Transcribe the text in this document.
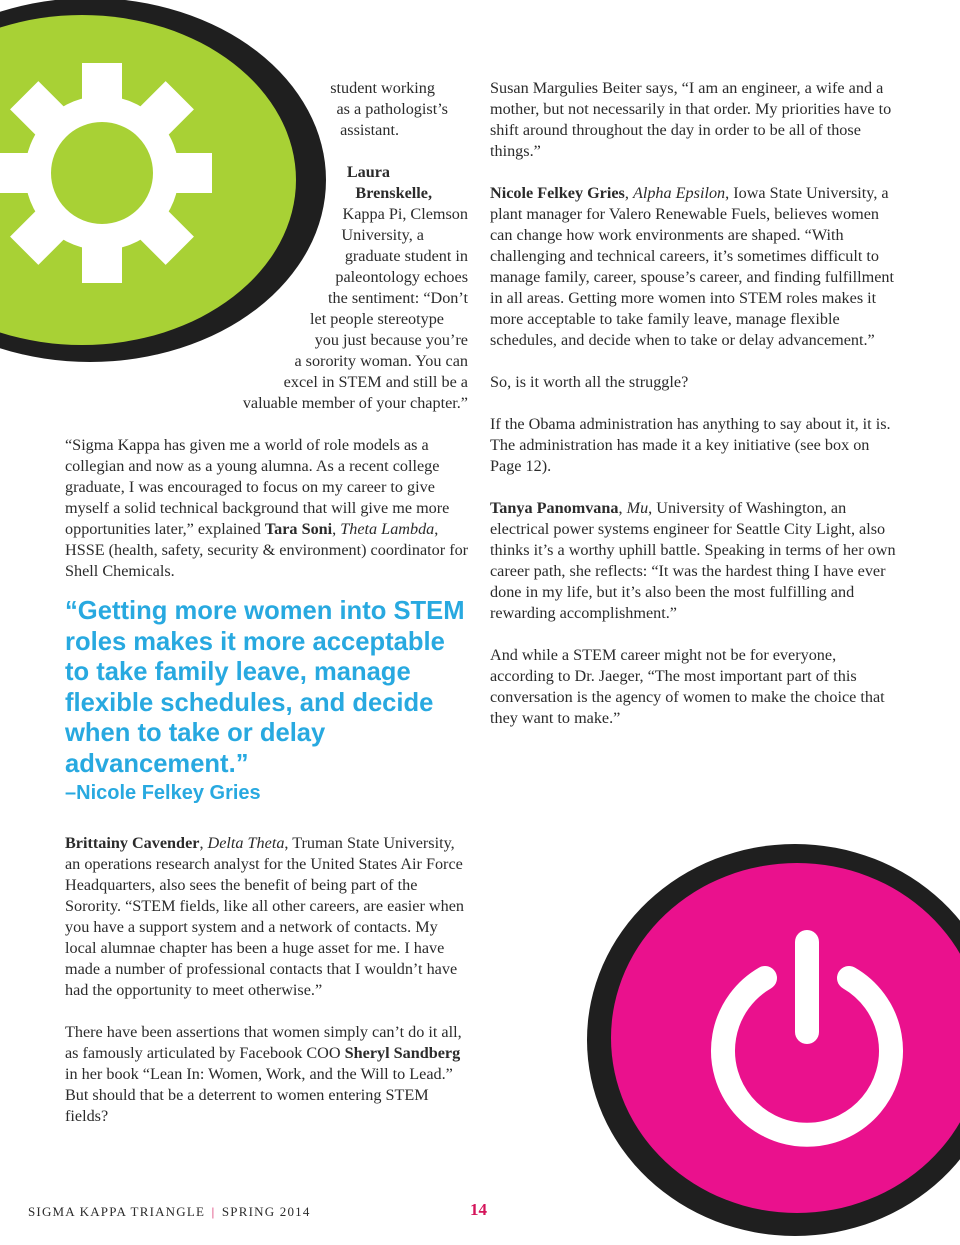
student working
as a pathologist’s
assistant.

Laura
Brenskelle,
Kappa Pi, Clemson
University, a
graduate student in
paleontology echoes
the sentiment: “Don’t
let people stereotype
you just because you’re
a sorority woman. You can
excel in STEM and still be a
valuable member of your chapter.”

“Sigma Kappa has given me a world of role models as a collegian and now as a young alumna. As a recent college graduate, I was encouraged to focus on my career to give myself a solid technical background that will give me more opportunities later,” explained Tara Soni, Theta Lambda, HSSE (health, safety, security & environment) coordinator for Shell Chemicals.

“Getting more women into STEM roles makes it more acceptable to take family leave, manage flexible schedules, and decide when to take or delay advancement.”
–Nicole Felkey Gries

Brittainy Cavender, Delta Theta, Truman State University, an operations research analyst for the United States Air Force Headquarters, also sees the benefit of being part of the Sorority. “STEM fields, like all other careers, are easier when you have a support system and a network of contacts. My local alumnae chapter has been a huge asset for me. I have made a number of professional contacts that I wouldn’t have had the opportunity to meet otherwise.”

There have been assertions that women simply can’t do it all, as famously articulated by Facebook COO Sheryl Sandberg in her book “Lean In: Women, Work, and the Will to Lead.” But should that be a deterrent to women entering STEM fields?

Susan Margulies Beiter says, “I am an engineer, a wife and a mother, but not necessarily in that order. My priorities have to shift around throughout the day in order to be all of those things.”

Nicole Felkey Gries, Alpha Epsilon, Iowa State University, a plant manager for Valero Renewable Fuels, believes women can change how work environments are shaped. “With challenging and technical careers, it’s sometimes difficult to manage family, career, spouse’s career, and finding fulfillment in all areas. Getting more women into STEM roles makes it more acceptable to take family leave, manage flexible schedules, and decide when to take or delay advancement.”

So, is it worth all the struggle?

If the Obama administration has anything to say about it, it is. The administration has made it a key initiative (see box on Page 12).

Tanya Panomvana, Mu, University of Washington, an electrical power systems engineer for Seattle City Light, also thinks it’s a worthy uphill battle. Speaking in terms of her own career path, she reflects: “It was the hardest thing I have ever done in my life, but it’s also been the most fulfilling and rewarding accomplishment.”

And while a STEM career might not be for everyone, according to Dr. Jaeger, “The most important part of this conversation is the agency of women to make the choice that they want to make.”

SIGMA KAPPA TRIANGLE | SPRING 2014	14
